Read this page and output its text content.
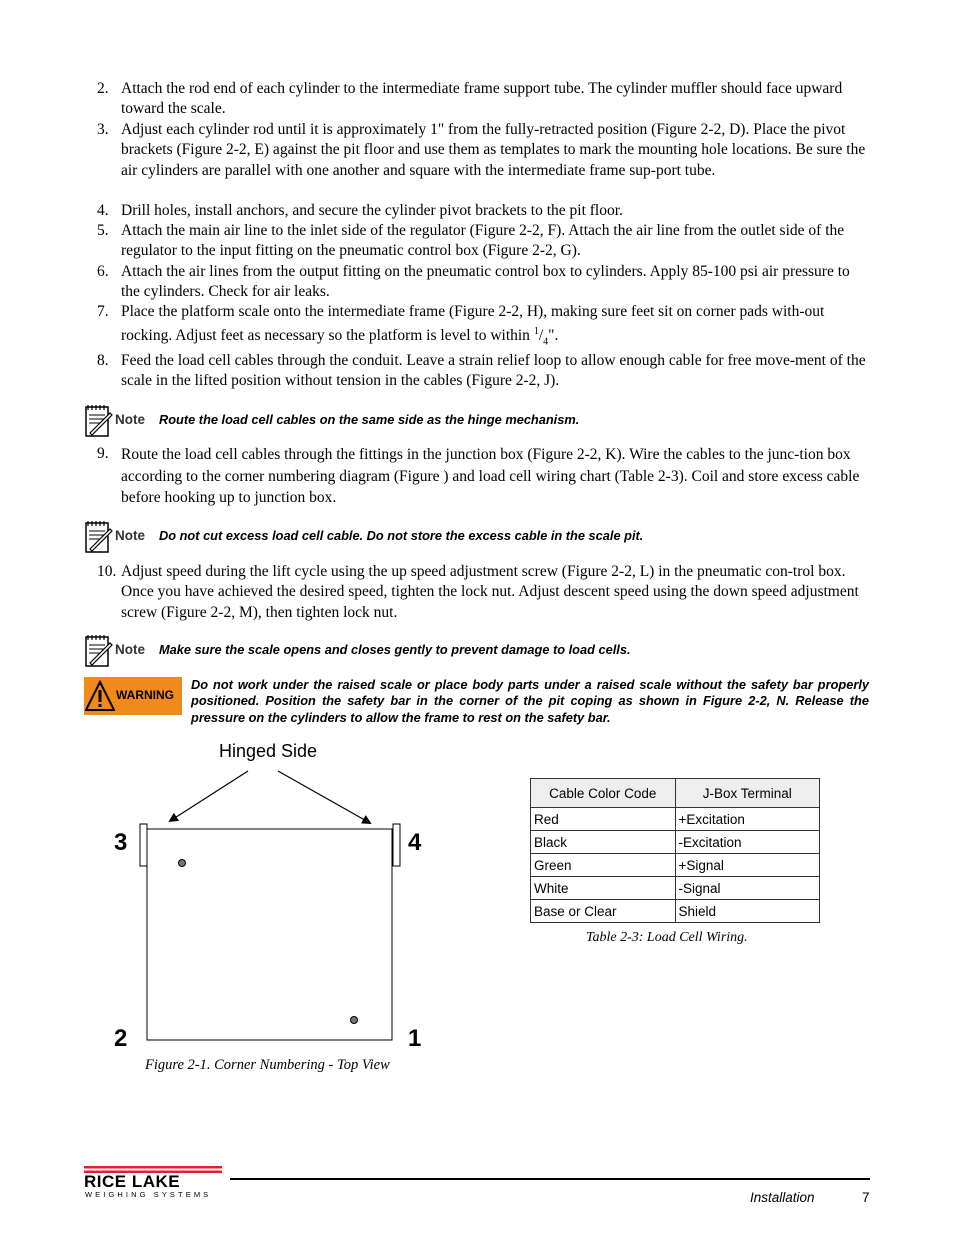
2. Attach the rod end of each cylinder to the intermediate frame support tube. The cylinder muffler should face upward toward the scale.
3. Adjust each cylinder rod until it is approximately 1" from the fully-retracted position (Figure 2-2, D). Place the pivot brackets (Figure 2-2, E) against the pit floor and use them as templates to mark the mounting hole locations. Be sure the air cylinders are parallel with one another and square with the intermediate frame sup-port tube.
4. Drill holes, install anchors, and secure the cylinder pivot brackets to the pit floor.
5. Attach the main air line to the inlet side of the regulator (Figure 2-2, F). Attach the air line from the outlet side of the regulator to the input fitting on the pneumatic control box (Figure 2-2, G).
6. Attach the air lines from the output fitting on the pneumatic control box to cylinders. Apply 85-100 psi air pressure to the cylinders. Check for air leaks.
7. Place the platform scale onto the intermediate frame (Figure 2-2, H), making sure feet sit on corner pads with-out rocking. Adjust feet as necessary so the platform is level to within $^1/_4$".
8. Feed the load cell cables through the conduit. Leave a strain relief loop to allow enough cable for free move-ment of the scale in the lifted position without tension in the cables (Figure 2-2, J).
Note Route the load cell cables on the same side as the hinge mechanism.
9. Route the load cell cables through the fittings in the junction box (Figure 2-2, K). Wire the cables to the junc-tion box according to the corner numbering diagram (Figure ) and load cell wiring chart (Table 2-3). Coil and store excess cable before hooking up to junction box.
Note Do not cut excess load cell cable. Do not store the excess cable in the scale pit.
10. Adjust speed during the lift cycle using the up speed adjustment screw (Figure 2-2, L) in the pneumatic con-trol box. Once you have achieved the desired speed, tighten the lock nut. Adjust descent speed using the down speed adjustment screw (Figure 2-2, M), then tighten lock nut.
Note Make sure the scale opens and closes gently to prevent damage to load cells.
WARNING
Do not work under the raised scale or place body parts under a raised scale without the safety bar properly positioned. Position the safety bar in the corner of the pit coping as shown in Figure 2-2, N. Release the pressure on the cylinders to allow the frame to rest on the safety bar.
Hinged Side
3	4
2	1
Figure 2-1. Corner Numbering - Top View
Cable Color Code	J-Box Terminal
Red	+Excitation
Black	-Excitation
Green	+Signal
White	-Signal
Base or Clear	Shield
Table 2-3: Load Cell Wiring.
RICE LAKE
WEIGHING SYSTEMS	Installation	7
